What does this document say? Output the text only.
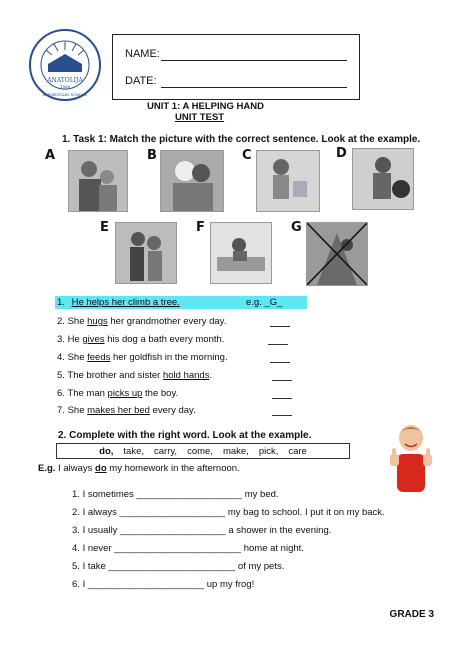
ANATOLIJA
1886
ELEMENTARY SCHOOL
NAME:
DATE:
UNIT 1: A HELPING HAND
UNIT TEST
1. Task 1: Match the picture with the correct sentence. Look at the example.
A	B	C	D
E	F	G
1. He helps her climb a tree.	e.g. _G_
2. She hugs her grandmother every day.
3. He gives his dog a bath every month.
4. She feeds her goldfish in the morning.
5. The brother and sister hold hands.
6. The man picks up the boy.
7. She makes her bed every day.
2. Complete with the right word. Look at the example.
do, take, carry, come, make, pick, care
E.g. I always do my homework in the afternoon.
1. I sometimes ____________________ my bed.
2. I always ____________________ my bag to school. I put it on my back.
3. I usually ____________________ a shower in the evening.
4. I never ________________________ home at night.
5. I take ________________________ of my pets.
6. I ______________________ up my frog!
GRADE 3
